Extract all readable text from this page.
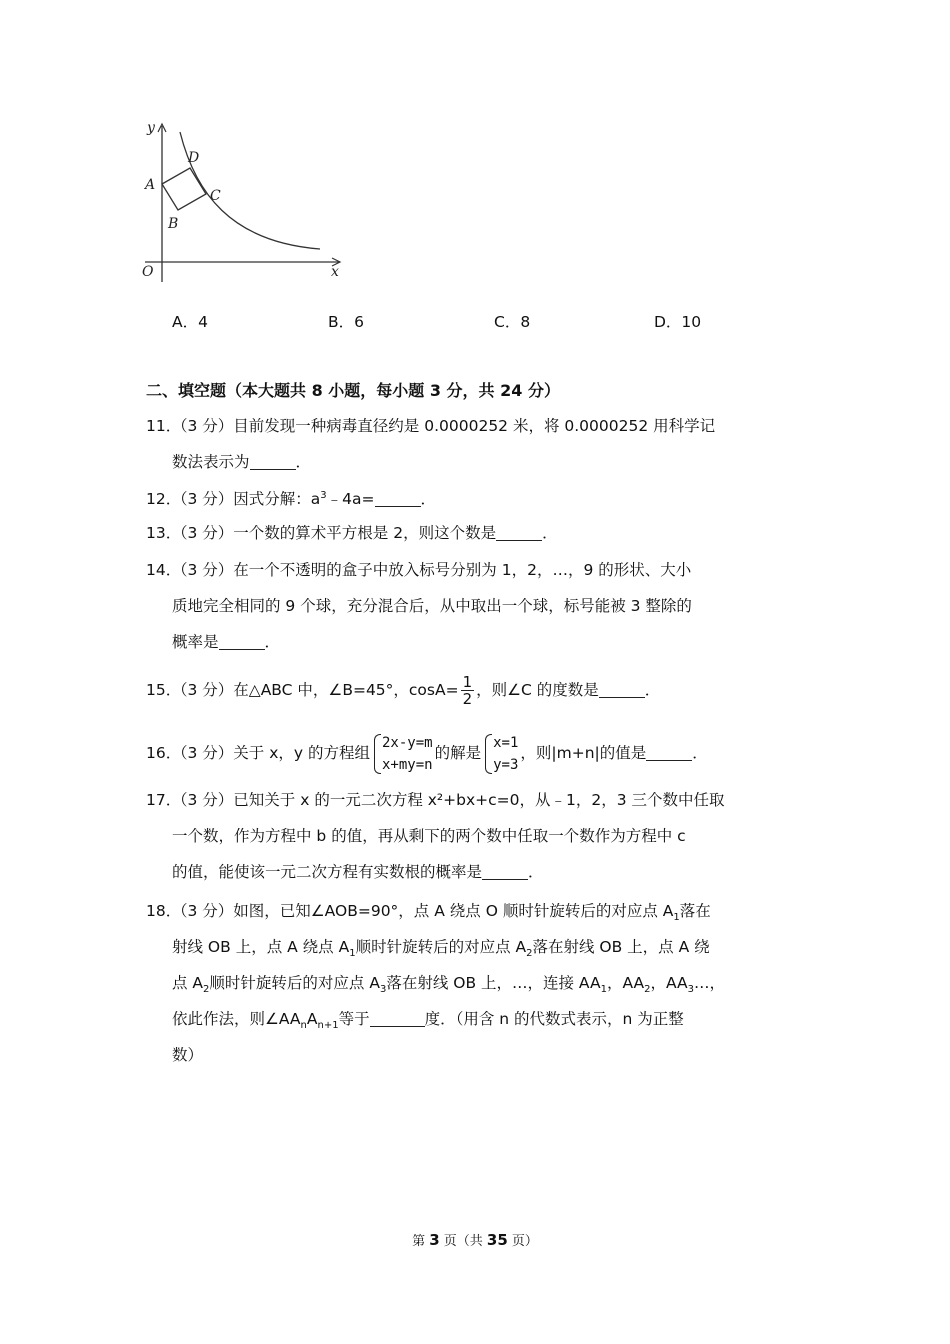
y
x
O
A
B
C
D
A．4	B．6	C．8	D．10
二、填空题（本大题共 8 小题，每小题 3 分，共 24 分）
11．（3 分）目前发现一种病毒直径约是 0.0000252 米，将 0.0000252 用科学记
数法表示为	．
12．（3 分）因式分解：$a^3﹣4a=$	．
13．（3 分）一个数的算术平方根是 2，则这个数是	．
14．（3 分）在一个不透明的盒子中放入标号分别为 1，2，…，9 的形状、大小
质地完全相同的 9 个球，充分混合后，从中取出一个球，标号能被 3 整除的
概率是	．
15．（3 分）在△ABC 中，∠B=45°，$\cos A= \frac{1}{2}$ ，则∠C 的度数是	．
16．（3 分）关于 x，y 的方程组
2x-y=m
x+my=n
的解是
x=1
y=3
，则|m+n|的值是	．
17．（3 分）已知关于 x 的一元二次方程 x²+bx+c=0，从﹣1，2，3 三个数中任取
一个数，作为方程中 b 的值，再从剩下的两个数中任取一个数作为方程中 c
的值，能使该一元二次方程有实数根的概率是	．
18．（3 分）如图，已知∠AOB=90°，点 A 绕点 O 顺时针旋转后的对应点 $A_1$落在
射线 OB 上，点 A 绕点 $A_1$顺时针旋转后的对应点 $A_2$落在射线 OB 上，点 A 绕
点 $A_2$顺时针旋转后的对应点 $A_3$落在射线 OB 上，…，连接 $AA_1$，$AA_2$，$AA_3\dots$，
依此作法，则$\angle AA_nA_{n+1}$等于	度．（用含 n 的代数式表示，n 为正整
数）
第 3 页（共 35 页）
